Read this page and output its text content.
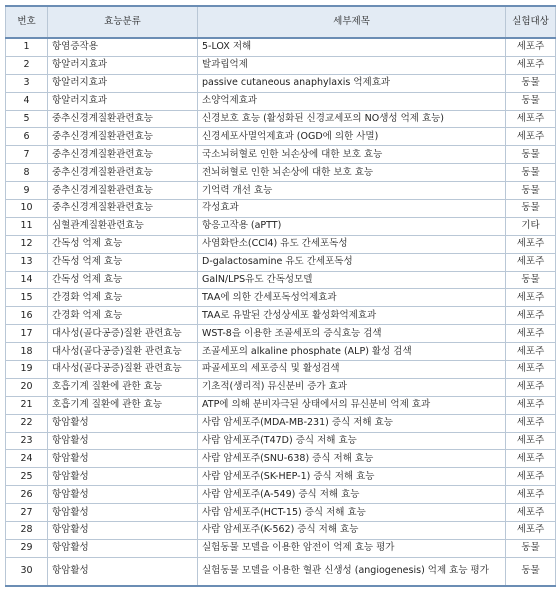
번호	효능분류	세부제목	실험대상
1	항염증작용	5-LOX 저해	세포주
2	항알러지효과	탈과립억제	세포주
3	항알러지효과	passive cutaneous anaphylaxis 억제효과	동물
4	항알러지효과	소양억제효과	동물
5	중추신경계질환관련효능	신경보호 효능 (활성화된 신경교세포의 NO생성 억제 효능)	세포주
6	중추신경계질환관련효능	신경세포사멸억제효과 (OGD에 의한 사멸)	세포주
7	중추신경계질환관련효능	국소뇌허혈로 인한 뇌손상에 대한 보호 효능	동물
8	중추신경계질환관련효능	전뇌허혈로 인한 뇌손상에 대한 보호 효능	동물
9	중추신경계질환관련효능	기억력 개선 효능	동물
10	중추신경계질환관련효능	각성효과	동물
11	심혈관계질환관련효능	항응고작용 (aPTT)	기타
12	간독성 억제 효능	사염화탄소(CCl4) 유도 간세포독성	세포주
13	간독성 억제 효능	D-galactosamine 유도 간세포독성	세포주
14	간독성 억제 효능	GalN/LPS유도 간독성모델	동물
15	간경화 억제 효능	TAA에 의한 간세포독성억제효과	세포주
16	간경화 억제 효능	TAA로 유발된 간성상세포 활성화억제효과	세포주
17	대사성(골다공증)질환 관련효능	WST-8을 이용한 조골세포의 증식효능 검색	세포주
18	대사성(골다공증)질환 관련효능	조골세포의 alkaline phosphate (ALP) 활성 검색	세포주
19	대사성(골다공증)질환 관련효능	파골세포의 세포증식 및 활성검색	세포주
20	호흡기계 질환에 관한 효능	기초적(생리적) 뮤신분비 증가 효과	세포주
21	호흡기계 질환에 관한 효능	ATP에 의해 분비자극된 상태에서의 뮤신분비 억제 효과	세포주
22	항암활성	사람 암세포주(MDA-MB-231) 증식 저해 효능	세포주
23	항암활성	사람 암세포주(T47D) 증식 저해 효능	세포주
24	항암활성	사람 암세포주(SNU-638) 증식 저해 효능	세포주
25	항암활성	사람 암세포주(SK-HEP-1) 증식 저해 효능	세포주
26	항암활성	사람 암세포주(A-549) 증식 저해 효능	세포주
27	항암활성	사람 암세포주(HCT-15) 증식 저해 효능	세포주
28	항암활성	사람 암세포주(K-562) 증식 저해 효능	세포주
29	항암활성	실험동물 모델을 이용한 암전이 억제 효능 평가	동물
30	항암활성	실험동물 모델을 이용한 혈관 신생성 (angiogenesis) 억제 효능 평가	동물
